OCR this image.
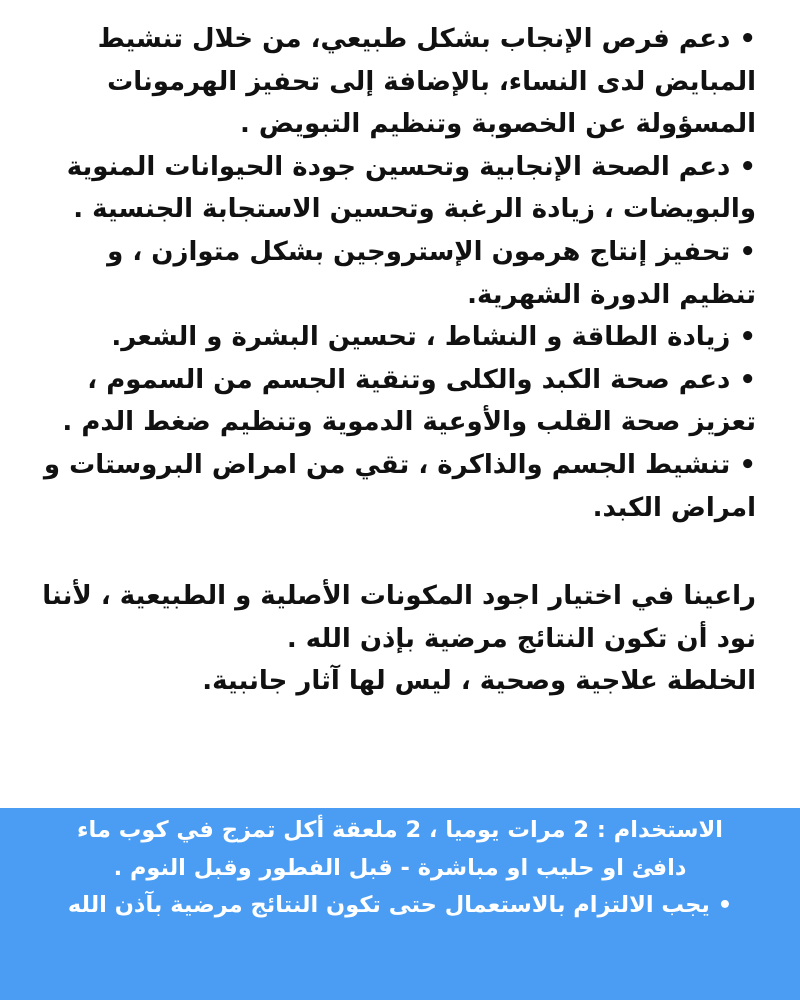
• دعم فرص الإنجاب بشكل طبيعي، من خلال تنشيط المبايض لدى النساء، بالإضافة إلى تحفيز الهرمونات المسؤولة عن الخصوبة وتنظيم التبويض .

• دعم الصحة الإنجابية وتحسين جودة الحيوانات المنوية والبويضات ، زيادة الرغبة وتحسين الاستجابة الجنسية .

• تحفيز إنتاج هرمون الإستروجين بشكل متوازن ، و تنظيم الدورة الشهرية.

• زيادة الطاقة و النشاط ، تحسين البشرة و الشعر.

• دعم صحة الكبد والكلى وتنقية الجسم من السموم ، تعزيز صحة القلب والأوعية الدموية وتنظيم ضغط الدم .

• تنشيط الجسم والذاكرة ، تقي من امراض البروستات و امراض الكبد.

راعينا في اختيار اجود المكونات الأصلية و الطبيعية ، لأننا نود أن تكون النتائج مرضية بإذن الله .

الخلطة علاجية وصحية ، ليس لها آثار جانبية.

الاستخدام : 2 مرات يوميا ، 2 ملعقة أكل تمزج في كوب ماء دافئ او حليب او مباشرة - قبل الفطور وقبل النوم .

• يجب الالتزام بالاستعمال حتى تكون النتائج مرضية بآذن الله
